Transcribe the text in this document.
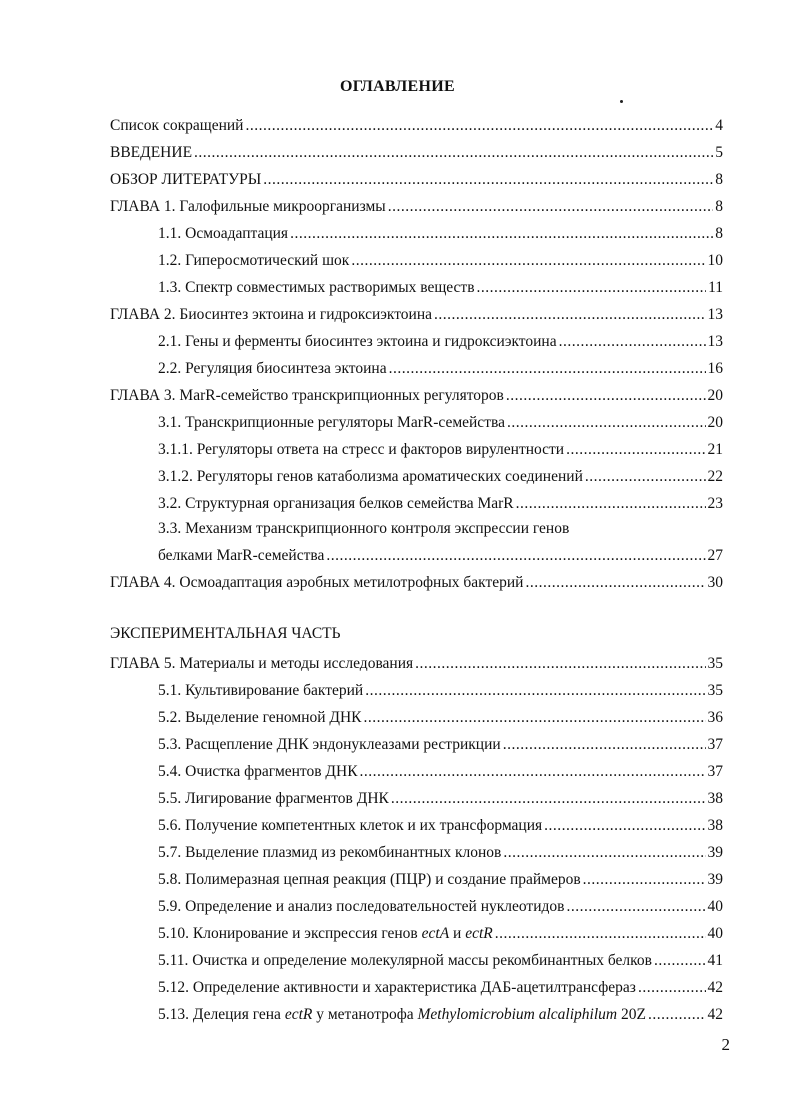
ОГЛАВЛЕНИЕ
Список сокращений .....	4
ВВЕДЕНИЕ .....	5
ОБЗОР ЛИТЕРАТУРЫ .....	8
ГЛАВА 1. Галофильные микроорганизмы .....	8
1.1. Осмоадаптация .....	8
1.2. Гиперосмотический шок .....	10
1.3. Спектр совместимых растворимых веществ .....	11
ГЛАВА 2. Биосинтез эктоина и гидроксиэктоина .....	13
2.1. Гены и ферменты биосинтез эктоина и гидроксиэктоина .....	13
2.2. Регуляция биосинтеза эктоина .....	16
ГЛАВА 3. MarR-семейство транскрипционных регуляторов .....	20
3.1. Транскрипционные регуляторы MarR-семейства .....	20
3.1.1. Регуляторы ответа на стресс и факторов вирулентности .....	21
3.1.2. Регуляторы генов катаболизма ароматических соединений .....	22
3.2. Структурная организация белков семейства MarR .....	23
3.3. Механизм транскрипционного контроля экспрессии генов
белками MarR-семейства .....	27
ГЛАВА 4. Осмоадаптация аэробных метилотрофных бактерий .....	30
ЭКСПЕРИМЕНТАЛЬНАЯ ЧАСТЬ
ГЛАВА 5. Материалы и методы исследования .....	35
5.1. Культивирование бактерий .....	35
5.2. Выделение геномной ДНК .....	36
5.3. Расщепление ДНК эндонуклеазами рестрикции .....	37
5.4. Очистка фрагментов ДНК .....	37
5.5. Лигирование фрагментов ДНК .....	38
5.6. Получение компетентных клеток и их трансформация .....	38
5.7. Выделение плазмид из рекомбинантных клонов .....	39
5.8. Полимеразная цепная реакция (ПЦР) и создание праймеров .....	39
5.9. Определение и анализ последовательностей нуклеотидов .....	40
5.10. Клонирование и экспрессия генов ectA и ectR .....	40
5.11. Очистка и определение молекулярной массы рекомбинантных белков .....	41
5.12. Определение активности и характеристика ДАБ-ацетилтрансфераз .....	42
5.13. Делеция гена ectR у метанотрофа Methylomicrobium alcaliphilum 20Z .....	42
2
